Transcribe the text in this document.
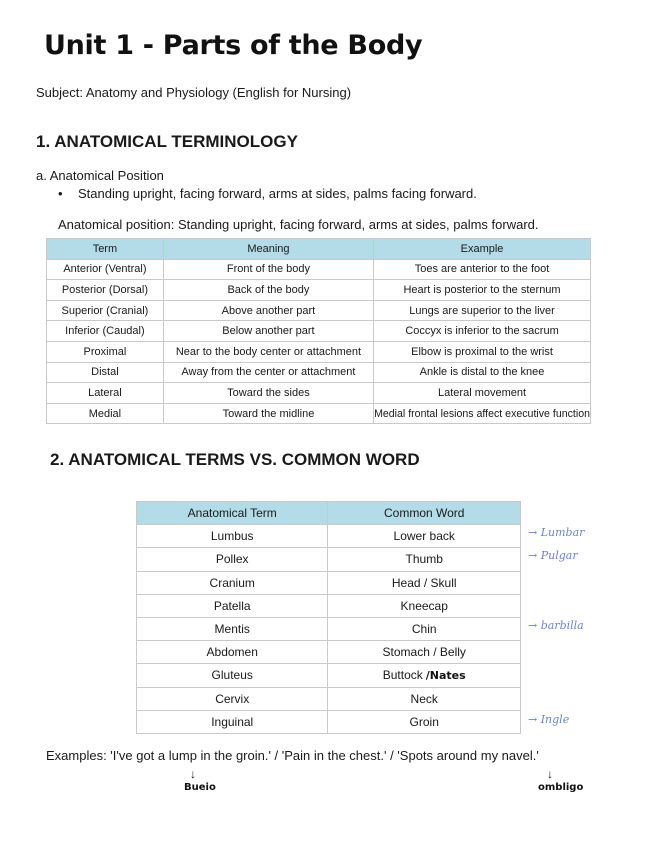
Unit 1 - Parts of the Body
Subject: Anatomy and Physiology (English for Nursing)
1. ANATOMICAL TERMINOLOGY
a. Anatomical Position
• Standing upright, facing forward, arms at sides, palms facing forward.
Anatomical position: Standing upright, facing forward, arms at sides, palms forward.
Term	Meaning	Example
Anterior (Ventral)	Front of the body	Toes are anterior to the foot
Posterior (Dorsal)	Back of the body	Heart is posterior to the sternum
Superior (Cranial)	Above another part	Lungs are superior to the liver
Inferior (Caudal)	Below another part	Coccyx is inferior to the sacrum
Proximal	Near to the body center or attachment	Elbow is proximal to the wrist
Distal	Away from the center or attachment	Ankle is distal to the knee
Lateral	Toward the sides	Lateral movement
Medial	Toward the midline	Medial frontal lesions affect executive function
2. ANATOMICAL TERMS VS. COMMON WORD
Anatomical Term	Common Word
Lumbus	Lower back
Pollex	Thumb
Cranium	Head / Skull
Patella	Kneecap
Mentis	Chin
Abdomen	Stomach / Belly
Gluteus	Buttock /Nates
Cervix	Neck
Inguinal	Groin
→ Lumbar
→ Pulgar
→ barbilla
→ Ingle
Examples: 'I've got a lump in the groin.' / 'Pain in the chest.' / 'Spots around my navel.'
↓
Bueio
↓
ombligo
